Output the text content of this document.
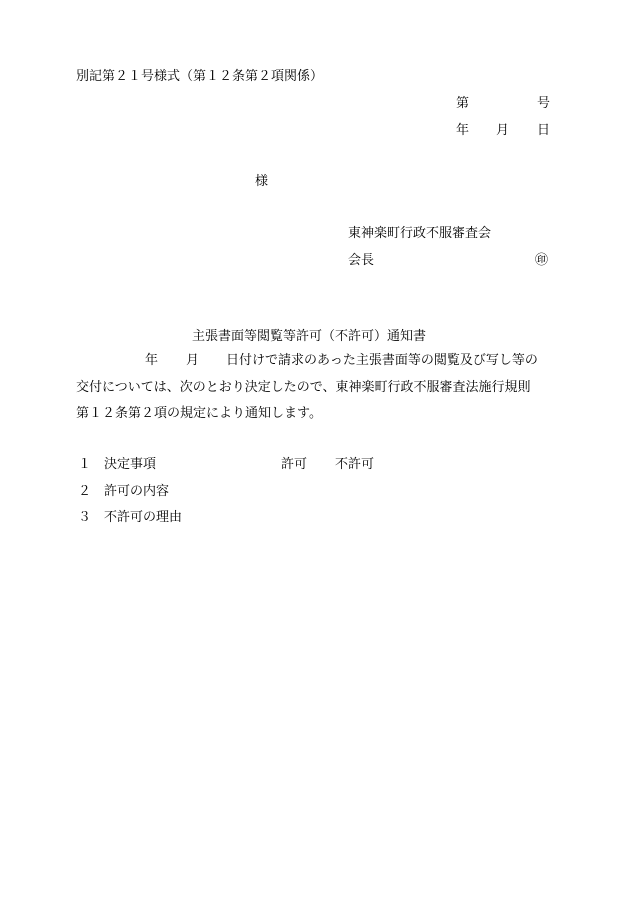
別記第２１号様式（第１２条第２項関係）
第	号
年 月 日
様
東神楽町行政不服審査会
会長	㊞
主張書面等閲覧等許可（不許可）通知書
年 月 日付けで請求のあった主張書面等の閲覧及び写し等の
交付については、次のとおり決定したので、東神楽町行政不服審査法施行規則
第１２条第２項の規定により通知します。
１ 決定事項	許可 不許可
２ 許可の内容
３ 不許可の理由
